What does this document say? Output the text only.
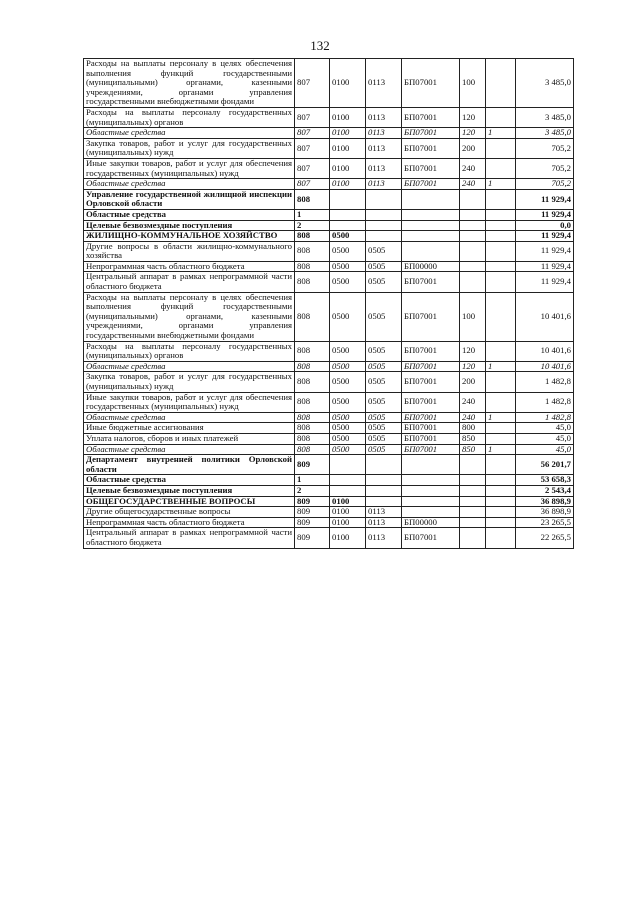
132
Расходы на выплаты персоналу в целях обеспечения выполнения функций государственными (муниципальными) органами, казенными учреждениями, органами управления государственными внебюджетными фондами	807	0100	0113	БП07001	100		3 485,0
Расходы на выплаты персоналу государственных (муниципальных) органов	807	0100	0113	БП07001	120		3 485,0
Областные средства	807	0100	0113	БП07001	120	1	3 485,0
Закупка товаров, работ и услуг для государственных (муниципальных) нужд	807	0100	0113	БП07001	200		705,2
Иные закупки товаров, работ и услуг для обеспечения государственных (муниципальных) нужд	807	0100	0113	БП07001	240		705,2
Областные средства	807	0100	0113	БП07001	240	1	705,2
Управление государственной жилищной инспекции Орловской области	808						11 929,4
Областные средства	1						11 929,4
Целевые безвозмездные поступления	2						0,0
ЖИЛИЩНО-КОММУНАЛЬНОЕ ХОЗЯЙСТВО	808	0500					11 929,4
Другие вопросы в области жилищно-коммунального хозяйства	808	0500	0505				11 929,4
Непрограммная часть областного бюджета	808	0500	0505	БП00000			11 929,4
Центральный аппарат в рамках непрограммной части областного бюджета	808	0500	0505	БП07001			11 929,4
Расходы на выплаты персоналу в целях обеспечения выполнения функций государственными (муниципальными) органами, казенными учреждениями, органами управления государственными внебюджетными фондами	808	0500	0505	БП07001	100		10 401,6
Расходы на выплаты персоналу государственных (муниципальных) органов	808	0500	0505	БП07001	120		10 401,6
Областные средства	808	0500	0505	БП07001	120	1	10 401,6
Закупка товаров, работ и услуг для государственных (муниципальных) нужд	808	0500	0505	БП07001	200		1 482,8
Иные закупки товаров, работ и услуг для обеспечения государственных (муниципальных) нужд	808	0500	0505	БП07001	240		1 482,8
Областные средства	808	0500	0505	БП07001	240	1	1 482,8
Иные бюджетные ассигнования	808	0500	0505	БП07001	800		45,0
Уплата налогов, сборов и иных платежей	808	0500	0505	БП07001	850		45,0
Областные средства	808	0500	0505	БП07001	850	1	45,0
Департамент внутренней политики Орловской области	809						56 201,7
Областные средства	1						53 658,3
Целевые безвозмездные поступления	2						2 543,4
ОБЩЕГОСУДАРСТВЕННЫЕ ВОПРОСЫ	809	0100					36 898,9
Другие общегосударственные вопросы	809	0100	0113				36 898,9
Непрограммная часть областного бюджета	809	0100	0113	БП00000			23 265,5
Центральный аппарат в рамках непрограммной части областного бюджета	809	0100	0113	БП07001			22 265,5
